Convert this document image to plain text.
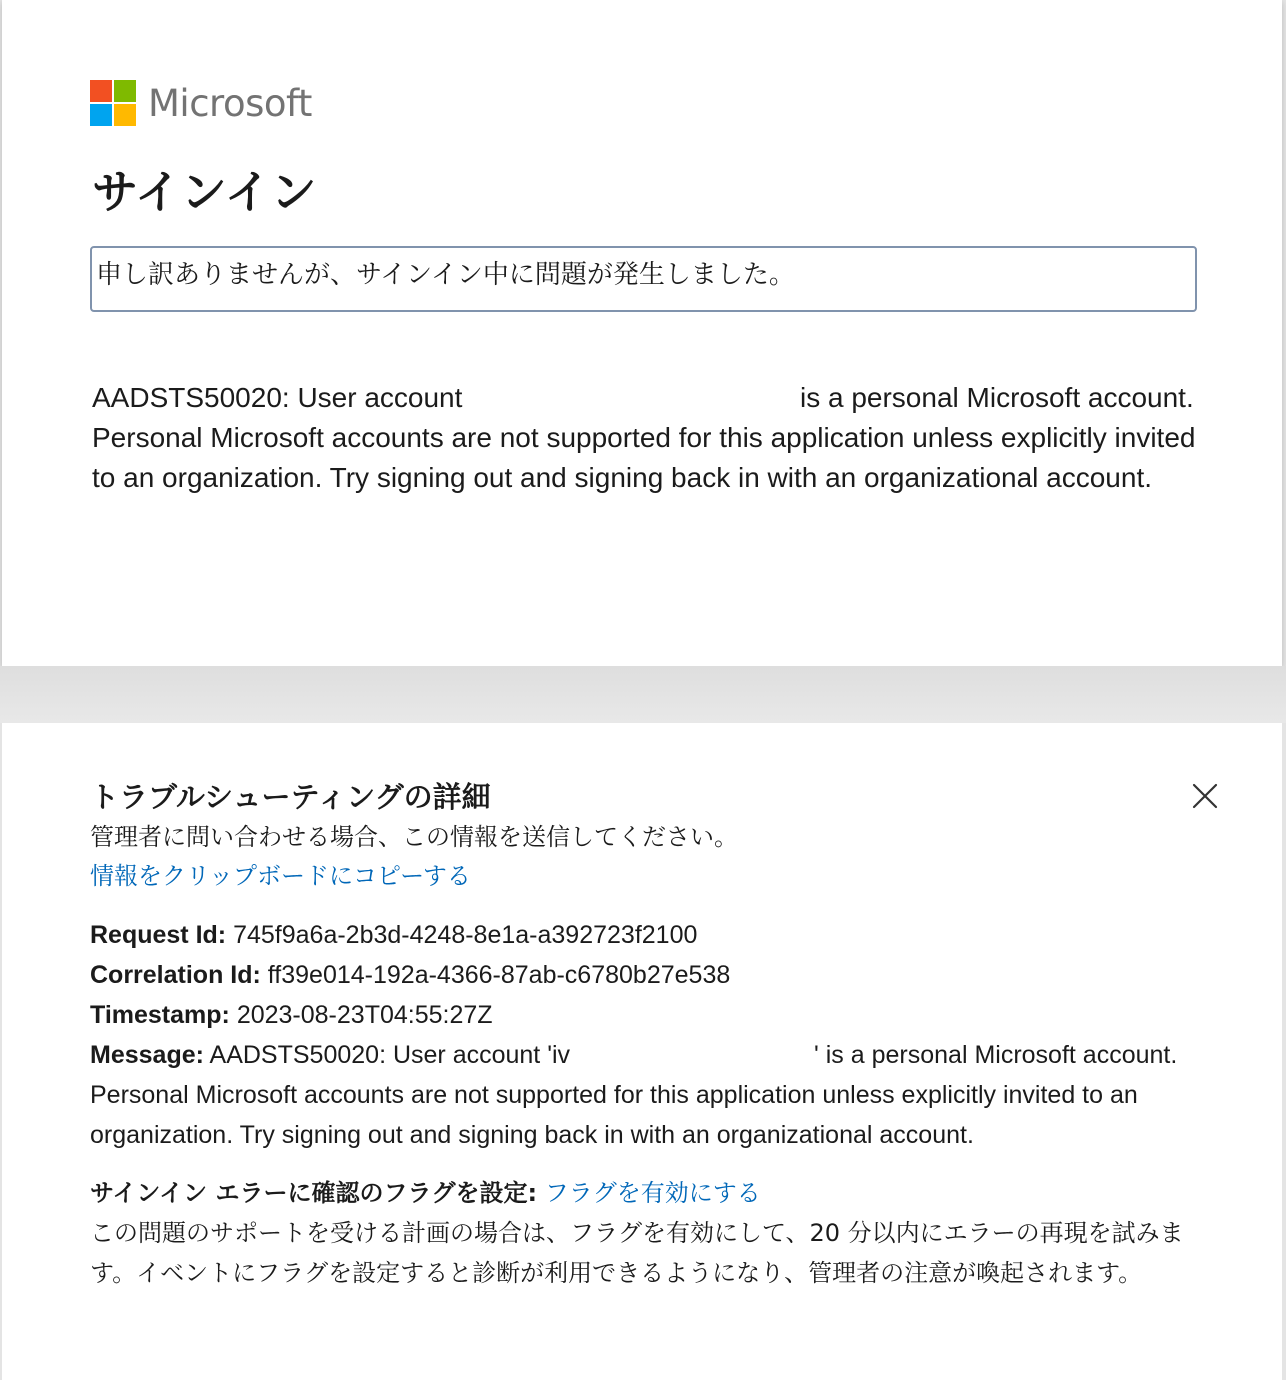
Microsoft
サインイン
申し訳ありませんが、サインイン中に問題が発生しました。
AADSTS50020: User account	is a personal Microsoft account. Personal Microsoft accounts are not supported for this application unless explicitly invited to an organization. Try signing out and signing back in with an organizational account.
トラブルシューティングの詳細
管理者に問い合わせる場合、この情報を送信してください。
情報をクリップボードにコピーする
Request Id: 745f9a6a-2b3d-4248-8e1a-a392723f2100
Correlation Id: ff39e014-192a-4366-87ab-c6780b27e538
Timestamp: 2023-08-23T04:55:27Z
Message: AADSTS50020: User account 'iv	' is a personal Microsoft account. Personal Microsoft accounts are not supported for this application unless explicitly invited to an organization. Try signing out and signing back in with an organizational account.
サインイン エラーに確認のフラグを設定: フラグを有効にする
この問題のサポートを受ける計画の場合は、フラグを有効にして、20 分以内にエラーの再現を試みます。イベントにフラグを設定すると診断が利用できるようになり、管理者の注意が喚起されます。
